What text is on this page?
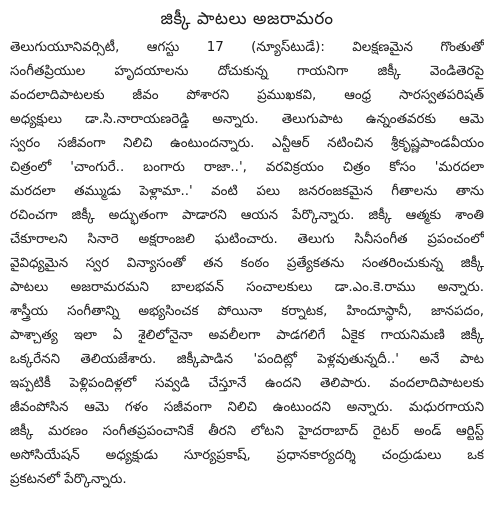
జిక్కీ పాటలు అజరామరం
తెలుగుయూనివర్సిటీ, ఆగస్టు 17 (న్యూస్‌టుడే): విలక్షణమైన గొంతుతో
సంగీతప్రియుల హృదయాలను దోచుకున్న గాయనిగా జిక్కీ వెండితెరపై
వందలాదిపాటలకు జీవం పోశారని ప్రముఖకవి, ఆంధ్ర సారస్వతపరిషత్
అధ్యక్షులు డా.సి.నారాయణరెడ్డి అన్నారు. తెలుగుపాట ఉన్నంతవరకు ఆమె
స్వరం సజీవంగా నిలిచి ఉంటుందన్నారు. ఎన్టీఆర్ నటించిన శ్రీకృష్ణపాండవీయం
చిత్రంలో 'చాంగురే.. బంగారు రాజా..', వరవిక్రయం చిత్రం కోసం 'మరదలా
మరదలా తమ్ముడు పెళ్లామా..' వంటి పలు జనరంజకమైన గీతాలను తాను
రచించగా జిక్కీ అద్భుతంగా పాడారని ఆయన పేర్కొన్నారు. జిక్కీ ఆత్మకు శాంతి
చేకూరాలని సినారె అక్షరాంజలి ఘటించారు. తెలుగు సినీసంగీత ప్రపంచంలో
వైవిధ్యమైన స్వర విన్యాసంతో తన కంఠం ప్రత్యేకతను సంతరించుకున్న జిక్కీ
పాటలు అజరామరమని బాలభవన్ సంచాలకులు డా.ఎం.కె.రాము అన్నారు.
శాస్త్రీయ సంగీతాన్ని అభ్యసించక పోయినా కర్నాటక, హిందూస్థానీ, జానపదం,
పాశ్చాత్య ఇలా ఏ శైలిలోనైనా అవలీలగా పాడగలిగే ఏకైక గాయనిమణి జిక్కీ
ఒక్కరేనని తెలియజేశారు. జిక్కీపాడిన 'పందిట్లో పెళ్లవుతున్నదీ..' అనే పాట
ఇప్పటికీ పెళ్లిపందిళ్లలో సవ్వడి చేస్తూనే ఉందని తెలిపారు. వందలాదిపాటలకు
జీవంపోసిన ఆమె గళం సజీవంగా నిలిచి ఉంటుందని అన్నారు. మధురగాయని
జిక్కీ మరణం సంగీతప్రపంచానికే తీరని లోటని హైదరాబాద్ రైటర్ అండ్ ఆర్టిస్ట్
అసోసియేషన్ అధ్యక్షుడు సూర్యప్రకాష్, ప్రధానకార్యదర్శి చంద్రుడులు ఒక
ప్రకటనలో పేర్కొన్నారు.
